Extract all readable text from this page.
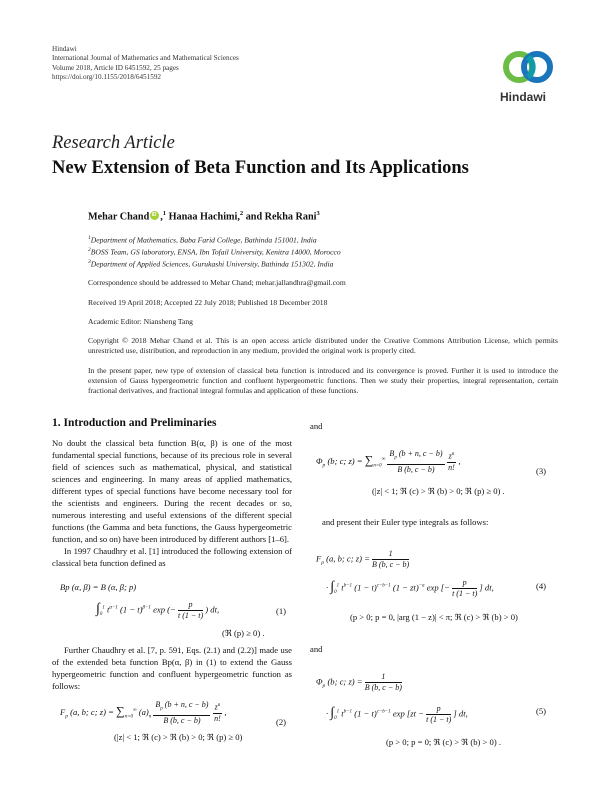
Hindawi
International Journal of Mathematics and Mathematical Sciences
Volume 2018, Article ID 6451592, 25 pages
https://doi.org/10.1155/2018/6451592
Hindawi
Research Article
New Extension of Beta Function and Its Applications
Mehar ChandiD ,$^1$ Hanaa Hachimi,$^2$ and Rekha Rani$^3$
$^1$Department of Mathematics, Baba Farid College, Bathinda 151001, India
$^2$BOSS Team, GS laboratory, ENSA, Ibn Tofail University, Kenitra 14000, Morocco
$^3$Department of Applied Sciences, Gurukashi University, Bathinda 151302, India
Correspondence should be addressed to Mehar Chand; mehar.jallandhra@gmail.com
Received 19 April 2018; Accepted 22 July 2018; Published 18 December 2018
Academic Editor: Niansheng Tang
Copyright © 2018 Mehar Chand et al. This is an open access article distributed under the Creative Commons Attribution License, which permits unrestricted use, distribution, and reproduction in any medium, provided the original work is properly cited.
In the present paper, new type of extension of classical beta function is introduced and its convergence is proved. Further it is used to introduce the extension of Gauss hypergeometric function and confluent hypergeometric functions. Then we study their properties, integral representation, certain fractional derivatives, and fractional integral formulas and application of these functions.
1. Introduction and Preliminaries

No doubt the classical beta function B(α, β) is one of the most fundamental special functions, because of its precious role in several field of sciences such as mathematical, physical, and statistical sciences and engineering. In many areas of applied mathematics, different types of special functions have become necessary tool for the scientists and engineers. During the recent decades or so, numerous interesting and useful extensions of the different special functions (the Gamma and beta functions, the Gauss hypergeometric function, and so on) have been introduced by different authors [1–6].

In 1997 Chaudhry et al. [1] introduced the following extension of classical beta function defined as

Bp (α, β) = B (α, β; p)
$\int_0^1$ $t^{\alpha-1}$ $(1 - t)^{\beta-1}$ exp (− $\frac{p}{t (1 - t)}$ ) dt,
(ℜ (p) ≥ 0) .
(1)
Further Chaudhry et al. [7, p. 591, Eqs. (2.1) and (2.2)] made use of the extended beta function Bp(α, β) in (1) to extend the Gauss hypergeometric function and confluent hypergeometric function as follows:
$F_p$ (a, b; c; $z) = \sum_{n=0}^\infty$ $(a)_n \frac{B_p (b + n, c - b)}{B (b, c - b)}$
$\frac{z^n}{n!}$ ,
(|z| < 1; ℜ (c) > ℜ (b) > 0; ℜ (p) ≥ 0)
(2)
and
$\Phi_p$ (b; c; $z) = \sum_{n=0}^\infty \frac{B_p (b + n, c - b)}{B (b, c - b)}$
$\frac{z^n}{n!}$ ,
(|z| < 1; ℜ (c) > ℜ (b) > 0; ℜ (p) ≥ 0) .
(3)
and present their Euler type integrals as follows:
$F_p$ (a, b; c; $z) = \frac{1}{B (b, c - b)}$
· $\int_0^1$ $t^{b-1}$ $(1 - t)^{c-b-1}$ (1 − zt)$^{-a}$ exp [− $\frac{p}{t (1 - t)}$ ] dt,
(p > 0; p = 0, |arg (1 − z)| < π; ℜ (c) > ℜ (b) > 0)
(4)
and
$\Phi_p$ (b; c; $z) = \frac{1}{B (b, c - b)}$
· $\int_0^1$ $t^{b-1}$ $(1 - t)^{c-b-1}$ $\exp [zt - \frac{p}{t (1 - t)}$ ] dt,
(p > 0; p = 0; ℜ (c) > ℜ (b) > 0) .
(5)
